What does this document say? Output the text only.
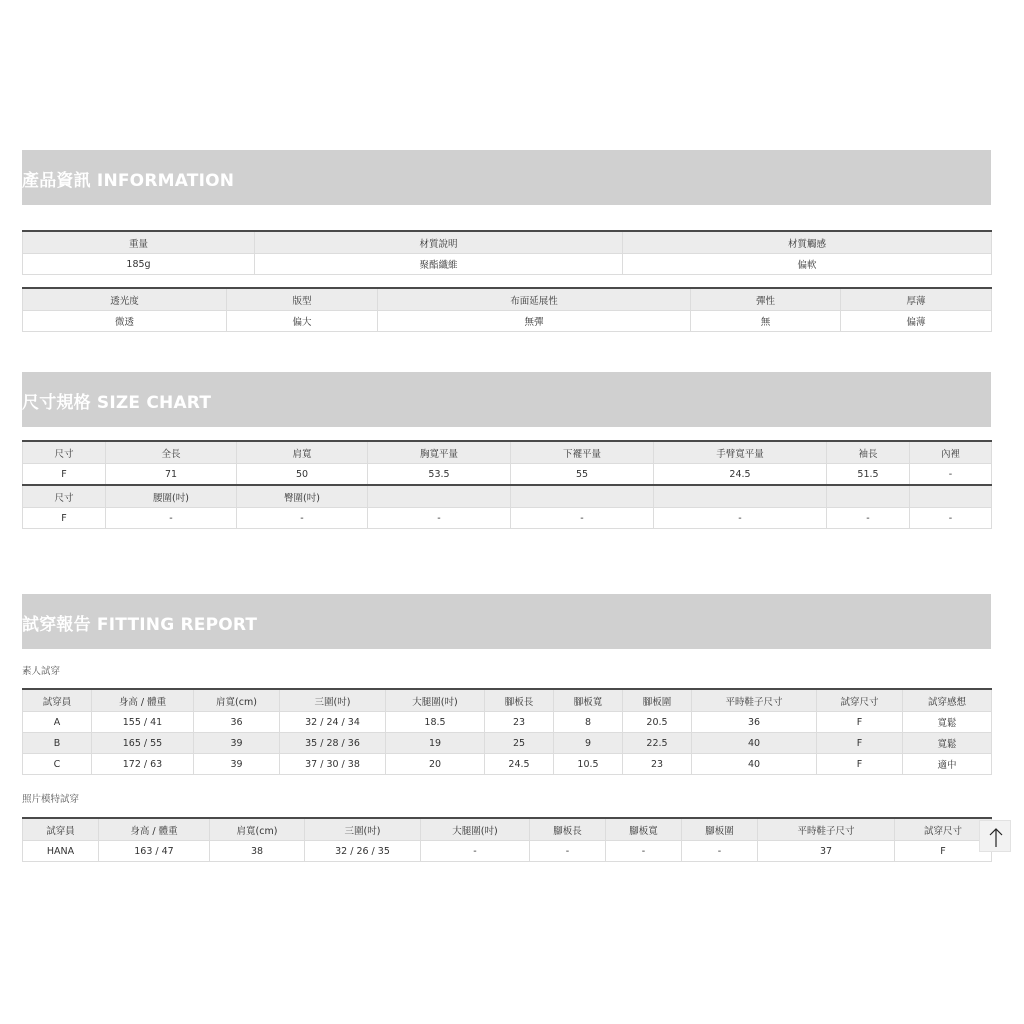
產品資訊 INFORMATION
重量	材質說明	材質觸感
185g	聚酯纖維	偏軟
透光度	版型	布面延展性	彈性	厚薄
微透	偏大	無彈	無	偏薄
尺寸規格 SIZE CHART
尺寸	全長	肩寬	胸寬平量	下襬平量	手臂寬平量	袖長	內裡
F	71	50	53.5	55	24.5	51.5	-
尺寸	腰圍(吋)	臀圍(吋)					
F	-	-	-	-	-	-	-
試穿報告 FITTING REPORT
素人試穿
試穿員	身高 / 體重	肩寬(cm)	三圍(吋)	大腿圍(吋)	腳板長	腳板寬	腳板圍	平時鞋子尺寸	試穿尺寸	試穿感想
A	155 / 41	36	32 / 24 / 34	18.5	23	8	20.5	36	F	寬鬆
B	165 / 55	39	35 / 28 / 36	19	25	9	22.5	40	F	寬鬆
C	172 / 63	39	37 / 30 / 38	20	24.5	10.5	23	40	F	適中
照片模特試穿
試穿員	身高 / 體重	肩寬(cm)	三圍(吋)	大腿圍(吋)	腳板長	腳板寬	腳板圍	平時鞋子尺寸	試穿尺寸
HANA	163 / 47	38	32 / 26 / 35	-	-	-	-	37	F
